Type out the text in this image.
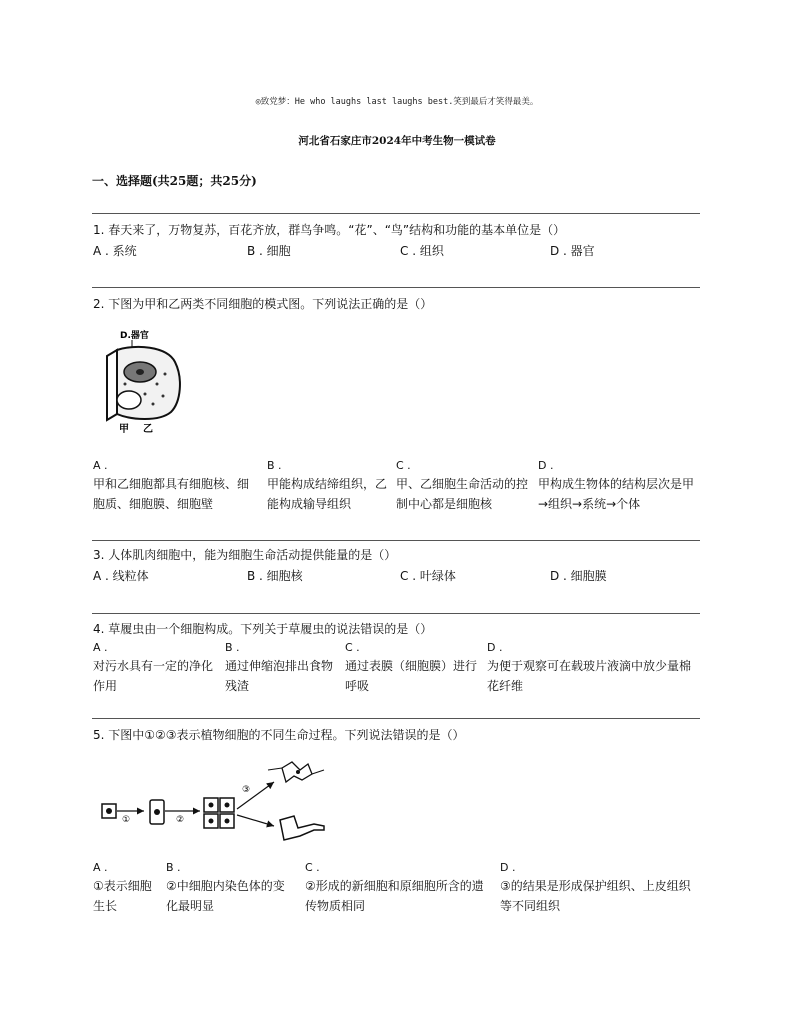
◎致党梦：He who laughs last laughs best.笑到最后才笑得最美。
河北省石家庄市2024年中考生物一模试卷
一、选择题(共25题；共25分)
1. 春天来了，万物复苏，百花齐放，群鸟争鸣。“花”、“鸟”结构和功能的基本单位是（）
A . 系统	B . 细胞	C . 组织	D . 器官
2. 下图为甲和乙两类不同细胞的模式图。下列说法正确的是（）
D.器官
甲 乙
A .
甲和乙细胞都具有细胞核、细胞质、细胞膜、细胞壁
B .
甲能构成结缔组织，乙能构成输导组织
C .
甲、乙细胞生命活动的控制中心都是细胞核
D .
甲构成生物体的结构层次是甲→组织→系统→个体
3. 人体肌肉细胞中，能为细胞生命活动提供能量的是（）
A . 线粒体	B . 细胞核	C . 叶绿体	D . 细胞膜
4. 草履虫由一个细胞构成。下列关于草履虫的说法错误的是（）
A .
对污水具有一定的净化作用
B .
通过伸缩泡排出食物残渣
C .
通过表膜（细胞膜）进行呼吸
D .
为便于观察可在载玻片液滴中放少量棉花纤维
5. 下图中①②③表示植物细胞的不同生命过程。下列说法错误的是（）
①	②
③
A .
①表示细胞生长
B .
②中细胞内染色体的变化最明显
C .
②形成的新细胞和原细胞所含的遗传物质相同
D .
③的结果是形成保护组织、上皮组织等不同组织
